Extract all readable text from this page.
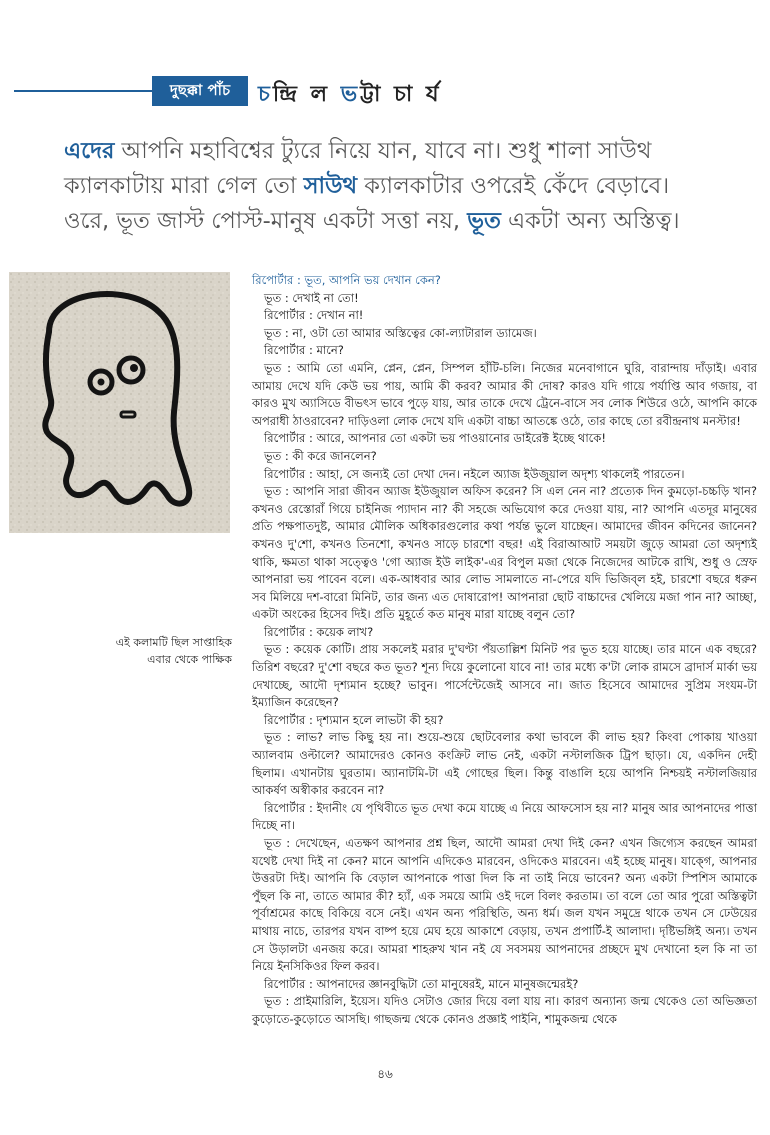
দুছক্কা পাঁচ	চন্দ্রি ল ভট্টা চা র্য
এদের আপনি মহাবিশ্বের ট্যুরে নিয়ে যান, যাবে না। শুধু শালা সাউথ ক্যালকাটায় মারা গেল তো সাউথ ক্যালকাটার ওপরেই কেঁদে বেড়াবে। ওরে, ভূত জাস্ট পোস্ট-মানুষ একটা সত্তা নয়, ভূত একটা অন্য অস্তিত্ব।
এই কলামটি ছিল সাপ্তাহিক
এবার থেকে পাক্ষিক

রিপোর্টার : ভূত, আপনি ভয় দেখান কেন?

ভূত : দেখাই না তো!

রিপোর্টার : দেখান না!

ভূত : না, ওটা তো আমার অস্তিত্বের কো-ল্যাটারাল ড্যামেজ।

রিপোর্টার : মানে?

ভূত : আমি তো এমনি, প্লেন, প্লেন, সিম্পল হাঁটি-চলি। নিজের মনেবাগানে ঘুরি, বারান্দায় দাঁড়াই। এবার আমায় দেখে যদি কেউ ভয় পায়, আমি কী করব? আমার কী দোষ? কারও যদি গায়ে পর্যাপ্তি আব গজায়, বা কারও মুখ অ্যাসিডে বীভৎস ভাবে পুড়ে যায়, আর তাকে দেখে ট্রেনে-বাসে সব লোক শিউরে ওঠে, আপনি কাকে অপরাধী ঠাওরাবেন? দাড়িওলা লোক দেখে যদি একটা বাচ্চা আতঙ্কে ওঠে, তার কাছে তো রবীন্দ্রনাথ মনস্টার!

রিপোর্টার : আরে, আপনার তো একটা ভয় পাওয়ানোর ডাইরেক্ট ইচ্ছে থাকে!

ভূত : কী করে জানলেন?

রিপোর্টার : আহা, সে জন্যই তো দেখা দেন। নইলে অ্যাজ ইউজুয়াল অদৃশ্য থাকলেই পারতেন।

ভূত : আপনি সারা জীবন অ্যাজ ইউজুয়াল অফিস করেন? সি এল নেন না? প্রত্যেক দিন কুমড়ো-চচ্চড়ি খান? কখনও রেস্তোরাঁ গিয়ে চাইনিজ প্যাদান না? কী সহজে অভিযোগ করে দেওয়া যায়, না? আপনি এতদূর মানুষের প্রতি পক্ষপাতদুষ্ট, আমার মৌলিক অধিকারগুলোর কথা পর্যন্ত ভুলে যাচ্ছেন। আমাদের জীবন কদিনের জানেন? কখনও দু'শো, কখনও তিনশো, কখনও সাড়ে চারশো বছর! এই বিরাআআট সময়টা জুড়ে আমরা তো অদৃশ্যই থাকি, ক্ষমতা থাকা সত্ত্বেও 'গো অ্যাজ ইউ লাইক'-এর বিপুল মজা থেকে নিজেদের আটকে রাখি, শুধু ও স্রেফ আপনারা ভয় পাবেন বলে। এক-আধবার আর লোভ সামলাতে না-পেরে যদি ভিজিব্‌ল হই, চারশো বছরে ধরুন সব মিলিয়ে দশ-বারো মিনিট, তার জন্য এত দোষারোপ! আপনারা ছোট বাচ্চাদের খেলিয়ে মজা পান না? আচ্ছা, একটা অংকের হিসেব দিই। প্রতি মুহূর্তে কত মানুষ মারা যাচ্ছে বলুন তো?

রিপোর্টার : কয়েক লাখ?

ভূত : কয়েক কোটি। প্রায় সকলেই মরার দু'ঘণ্টা পঁয়তাল্লিশ মিনিট পর ভূত হয়ে যাচ্ছে। তার মানে এক বছরে? তিরিশ বছরে? দু'শো বছরে কত ভূত? শূন্য দিয়ে কুলোনো যাবে না! তার মধ্যে ক'টা লোক রামসে ব্রাদার্স মার্কা ভয় দেখাচ্ছে, আদৌ দৃশ্যমান হচ্ছে? ভাবুন। পার্সেন্টেজেই আসবে না। জাত হিসেবে আমাদের সুপ্রিম সংযম-টা ইম্যাজিন করেছেন?

রিপোর্টার : দৃশ্যমান হলে লাভটা কী হয়?

ভূত : লাভ? লাভ কিছু হয় না। শুয়ে-শুয়ে ছোটবেলার কথা ভাবলে কী লাভ হয়? কিংবা পোকায় খাওয়া অ্যালবাম ওল্টালে? আমাদেরও কোনও কংক্রিট লাভ নেই, একটা নস্টালজিক ট্রিপ ছাড়া। যে, একদিন দেহী ছিলাম। এখানটায় ঘুরতাম। অ্যানাটমি-টা এই গোছের ছিল। কিন্তু বাঙালি হয়ে আপনি নিশ্চয়ই নস্টালজিয়ার আকর্ষণ অস্বীকার করবেন না?

রিপোর্টার : ইদানীং যে পৃথিবীতে ভূত দেখা কমে যাচ্ছে এ নিয়ে আফসোস হয় না? মানুষ আর আপনাদের পাত্তা দিচ্ছে না।

ভূত : দেখেছেন, এতক্ষণ আপনার প্রশ্ন ছিল, আদৌ আমরা দেখা দিই কেন? এখন জিগ্যেস করছেন আমরা যথেষ্ট দেখা দিই না কেন? মানে আপনি এদিকেও মারবেন, ওদিকেও মারবেন। এই হচ্ছে মানুষ। যাক্গে, আপনার উত্তরটা দিই। আপনি কি বেড়াল আপনাকে পাত্তা দিল কি না তাই নিয়ে ভাবেন? অন্য একটা স্পিশিস আমাকে পুঁছল কি না, তাতে আমার কী? হ্যাঁ, এক সময়ে আমি ওই দলে বিলং করতাম। তা বলে তো আর পুরো অস্তিত্বটা পূর্বাশ্রমের কাছে বিকিয়ে বসে নেই। এখন অন্য পরিস্থিতি, অন্য ধর্ম। জল যখন সমুদ্রে থাকে তখন সে ঢেউয়ের মাথায় নাচে, তারপর যখন বাষ্প হয়ে মেঘ হয়ে আকাশে বেড়ায়, তখন প্রপার্টি-ই আলাদা। দৃষ্টিভঙ্গিই অন্য। তখন সে উড়ালটা এনজয় করে। আমরা শাহরুখ খান নই যে সবসময় আপনাদের প্রচ্ছদে মুখ দেখানো হল কি না তা নিয়ে ইনসিকিওর ফিল করব।

রিপোর্টার : আপনাদের জ্ঞানবুদ্ধিটা তো মানুষেরই, মানে মানুষজন্মেরই?

ভূত : প্রাইমারিলি, ইয়েস। যদিও সেটাও জোর দিয়ে বলা যায় না। কারণ অন্যান্য জন্ম থেকেও তো অভিজ্ঞতা কুড়োতে-কুড়োতে আসছি। গাছজন্ম থেকে কোনও প্রজ্ঞাই পাইনি, শামুকজন্ম থেকে

৪৬
